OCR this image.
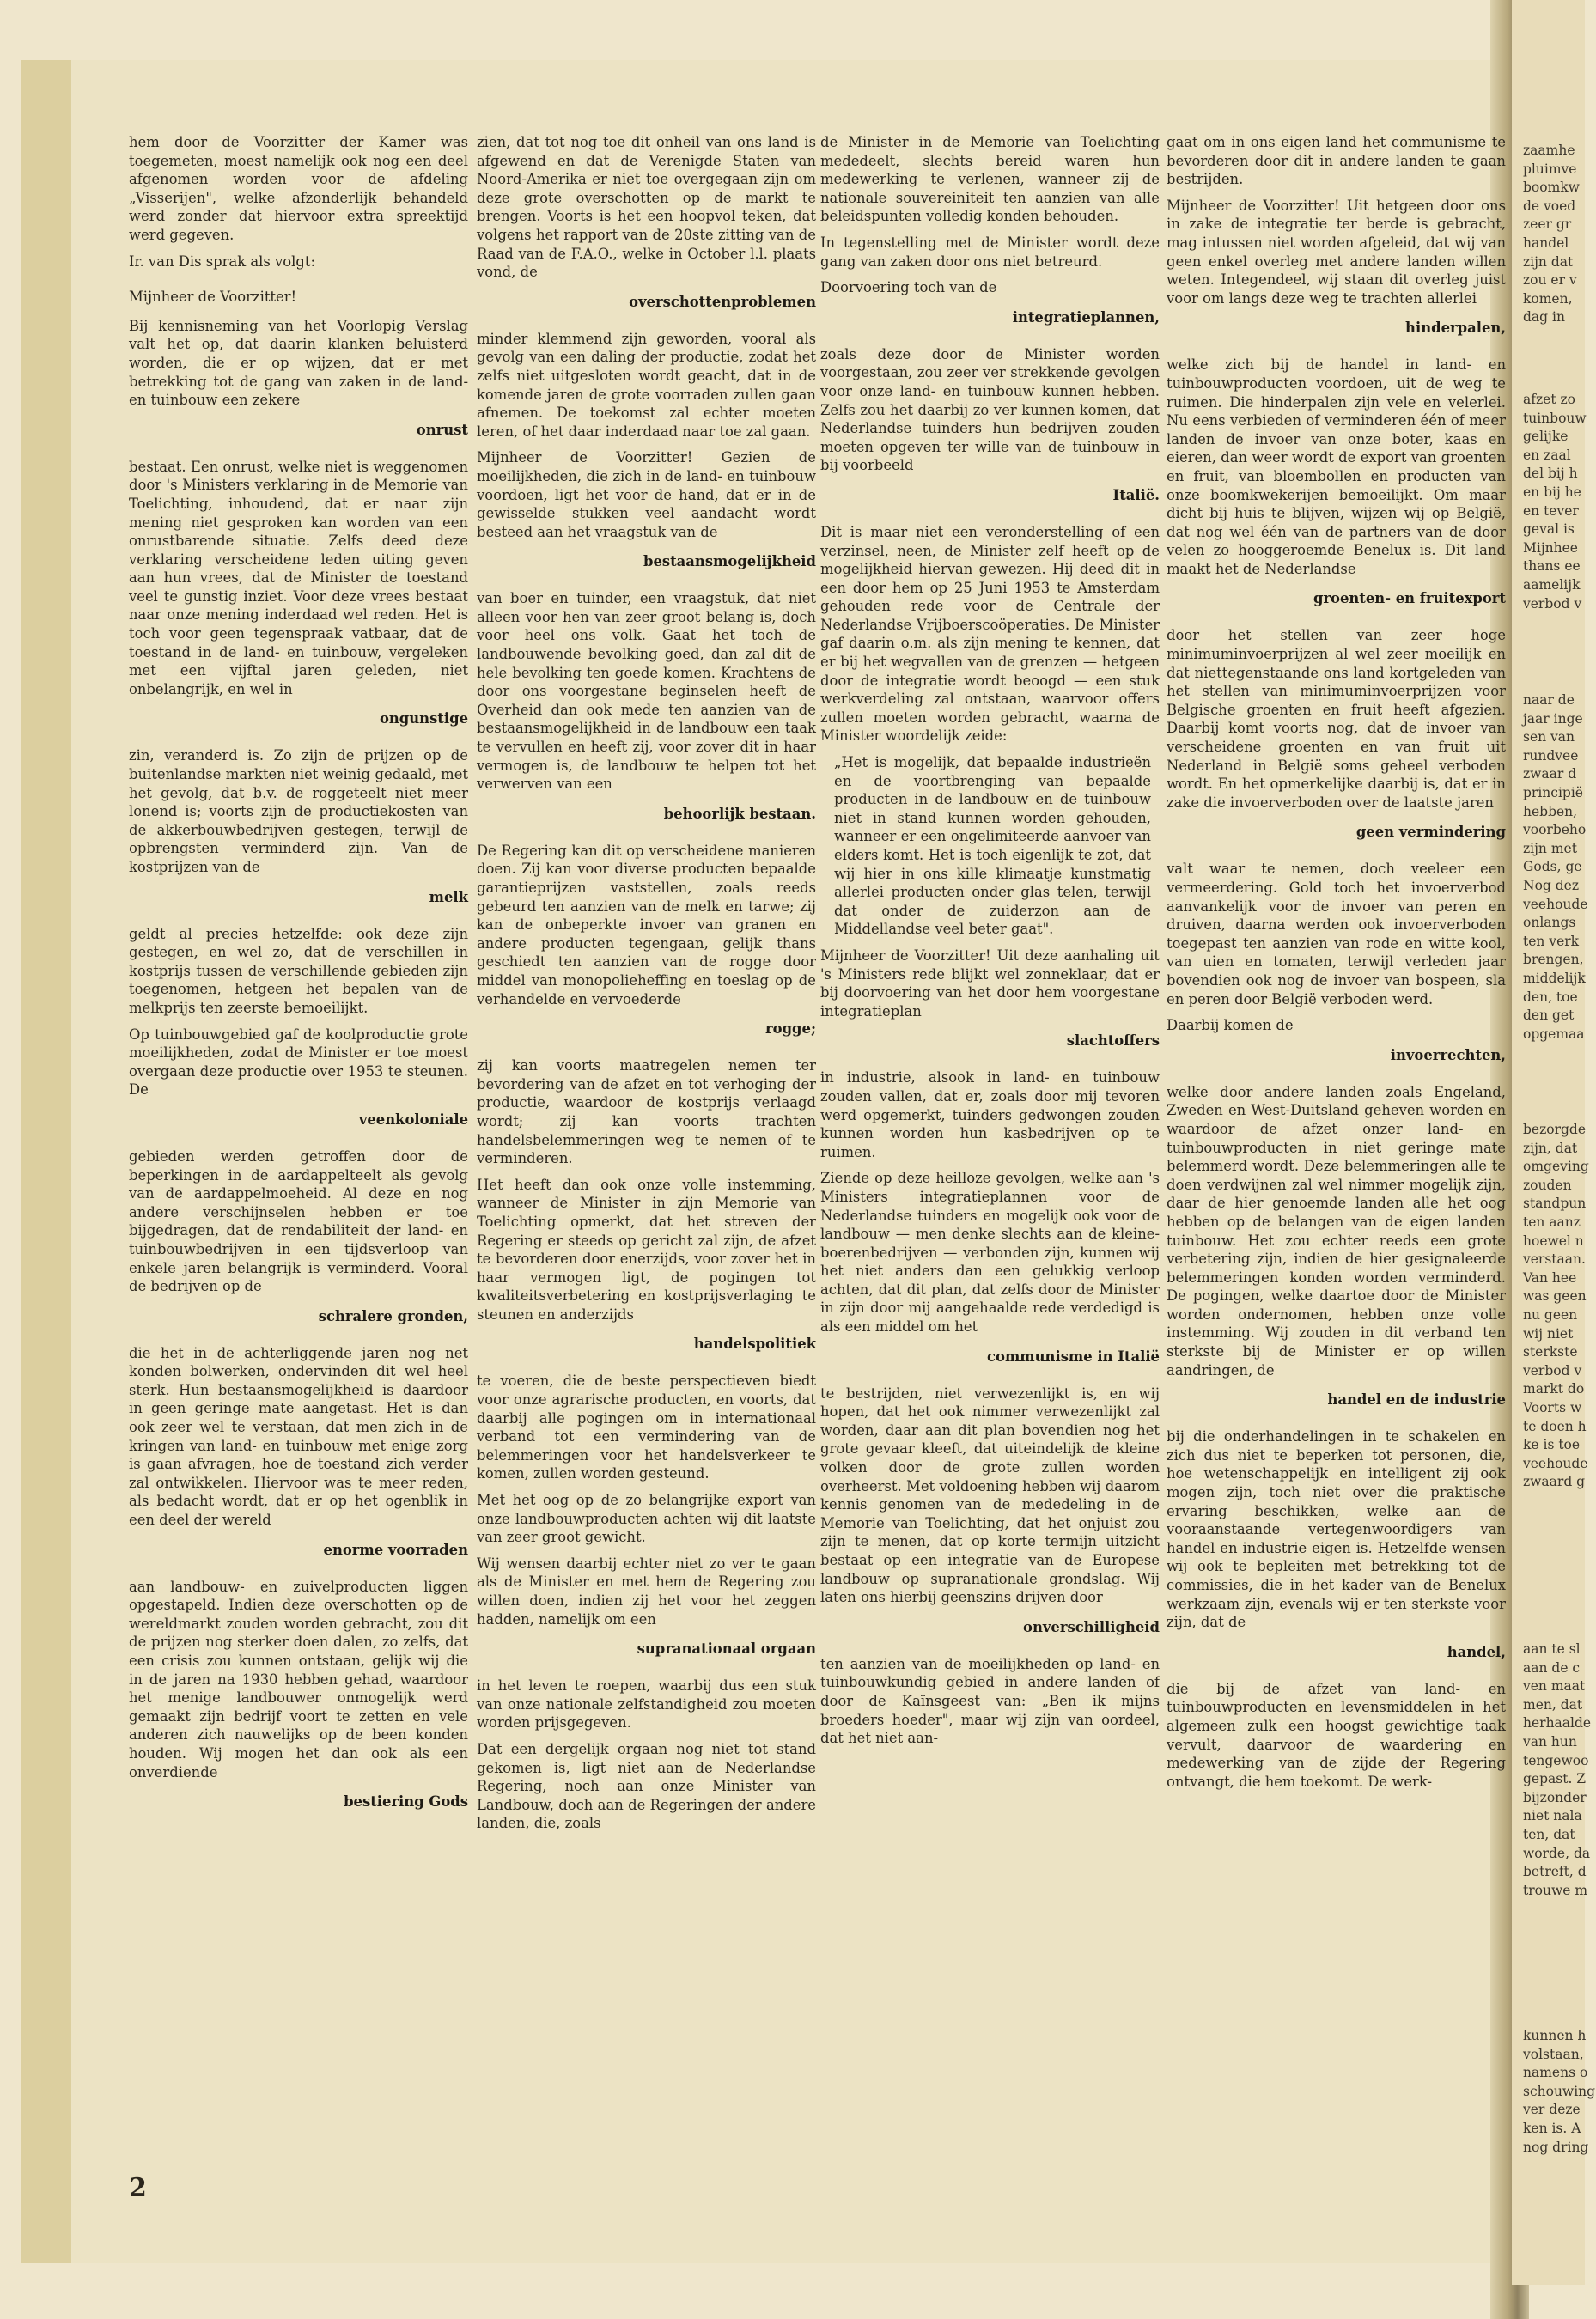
hem door de Voorzitter der Kamer was toegemeten, moest namelijk ook nog een deel afgenomen worden voor de afdeling „Visserijen", welke afzonderlijk behandeld werd zonder dat hiervoor extra spreektijd werd gegeven.

Ir. van Dis sprak als volgt:

Mijnheer de Voorzitter!

Bij kennisneming van het Voorlopig Verslag valt het op, dat daarin klanken beluisterd worden, die er op wijzen, dat er met betrekking tot de gang van zaken in de land- en tuinbouw een zekere

onrust

bestaat. Een onrust, welke niet is weggenomen door 's Ministers verklaring in de Memorie van Toelichting, inhoudend, dat er naar zijn mening niet gesproken kan worden van een onrustbarende situatie. Zelfs deed deze verklaring verscheidene leden uiting geven aan hun vrees, dat de Minister de toestand veel te gunstig inziet. Voor deze vrees bestaat naar onze mening inderdaad wel reden. Het is toch voor geen tegenspraak vatbaar, dat de toestand in de land- en tuinbouw, vergeleken met een vijftal jaren geleden, niet onbelangrijk, en wel in

ongunstige

zin, veranderd is. Zo zijn de prijzen op de buitenlandse markten niet weinig gedaald, met het gevolg, dat b.v. de roggeteelt niet meer lonend is; voorts zijn de productiekosten van de akkerbouwbedrijven gestegen, terwijl de opbrengsten verminderd zijn. Van de kostprijzen van de

melk

geldt al precies hetzelfde: ook deze zijn gestegen, en wel zo, dat de verschillen in kostprijs tussen de verschillende gebieden zijn toegenomen, hetgeen het bepalen van de melkprijs ten zeerste bemoeilijkt.

Op tuinbouwgebied gaf de koolproductie grote moeilijkheden, zodat de Minister er toe moest overgaan deze productie over 1953 te steunen. De

veenkoloniale

gebieden werden getroffen door de beperkingen in de aardappelteelt als gevolg van de aardappelmoeheid. Al deze en nog andere verschijnselen hebben er toe bijgedragen, dat de rendabiliteit der land- en tuinbouwbedrijven in een tijdsverloop van enkele jaren belangrijk is verminderd. Vooral de bedrijven op de

schralere gronden,

die het in de achterliggende jaren nog net konden bolwerken, ondervinden dit wel heel sterk. Hun bestaansmogelijkheid is daardoor in geen geringe mate aangetast. Het is dan ook zeer wel te verstaan, dat men zich in de kringen van land- en tuinbouw met enige zorg is gaan afvragen, hoe de toestand zich verder zal ontwikkelen. Hiervoor was te meer reden, als bedacht wordt, dat er op het ogenblik in een deel der wereld

enorme voorraden

aan landbouw- en zuivelproducten liggen opgestapeld. Indien deze overschotten op de wereldmarkt zouden worden gebracht, zou dit de prijzen nog sterker doen dalen, zo zelfs, dat een crisis zou kunnen ontstaan, gelijk wij die in de jaren na 1930 hebben gehad, waardoor het menige landbouwer onmogelijk werd gemaakt zijn bedrijf voort te zetten en vele anderen zich nauwelijks op de been konden houden. Wij mogen het dan ook als een onverdiende

bestiering Gods

zien, dat tot nog toe dit onheil van ons land is afgewend en dat de Verenigde Staten van Noord-Amerika er niet toe overgegaan zijn om deze grote overschotten op de markt te brengen. Voorts is het een hoopvol teken, dat volgens het rapport van de 20ste zitting van de Raad van de F.A.O., welke in October l.l. plaats vond, de

overschottenproblemen

minder klemmend zijn geworden, vooral als gevolg van een daling der productie, zodat het zelfs niet uitgesloten wordt geacht, dat in de komende jaren de grote voorraden zullen gaan afnemen. De toekomst zal echter moeten leren, of het daar inderdaad naar toe zal gaan.

Mijnheer de Voorzitter! Gezien de moeilijkheden, die zich in de land- en tuinbouw voordoen, ligt het voor de hand, dat er in de gewisselde stukken veel aandacht wordt besteed aan het vraagstuk van de

bestaansmogelijkheid

van boer en tuinder, een vraagstuk, dat niet alleen voor hen van zeer groot belang is, doch voor heel ons volk. Gaat het toch de landbouwende bevolking goed, dan zal dit de hele bevolking ten goede komen. Krachtens de door ons voorgestane beginselen heeft de Overheid dan ook mede ten aanzien van de bestaansmogelijkheid in de landbouw een taak te vervullen en heeft zij, voor zover dit in haar vermogen is, de landbouw te helpen tot het verwerven van een

behoorlijk bestaan.

De Regering kan dit op verscheidene manieren doen. Zij kan voor diverse producten bepaalde garantieprijzen vaststellen, zoals reeds gebeurd ten aanzien van de melk en tarwe; zij kan de onbeperkte invoer van granen en andere producten tegengaan, gelijk thans geschiedt ten aanzien van de rogge door middel van monopolieheffing en toeslag op de verhandelde en vervoederde

rogge;

zij kan voorts maatregelen nemen ter bevordering van de afzet en tot verhoging der productie, waardoor de kostprijs verlaagd wordt; zij kan voorts trachten handelsbelemmeringen weg te nemen of te verminderen.

Het heeft dan ook onze volle instemming, wanneer de Minister in zijn Memorie van Toelichting opmerkt, dat het streven der Regering er steeds op gericht zal zijn, de afzet te bevorderen door enerzijds, voor zover het in haar vermogen ligt, de pogingen tot kwaliteitsverbetering en kostprijsverlaging te steunen en anderzijds

handelspolitiek

te voeren, die de beste perspectieven biedt voor onze agrarische producten, en voorts, dat daarbij alle pogingen om in internationaal verband tot een vermindering van de belemmeringen voor het handelsverkeer te komen, zullen worden gesteund.

Met het oog op de zo belangrijke export van onze landbouwproducten achten wij dit laatste van zeer groot gewicht.

Wij wensen daarbij echter niet zo ver te gaan als de Minister en met hem de Regering zou willen doen, indien zij het voor het zeggen hadden, namelijk om een

supranationaal orgaan

in het leven te roepen, waarbij dus een stuk van onze nationale zelfstandigheid zou moeten worden prijsgegeven.

Dat een dergelijk orgaan nog niet tot stand gekomen is, ligt niet aan de Nederlandse Regering, noch aan onze Minister van Landbouw, doch aan de Regeringen der andere landen, die, zoals

de Minister in de Memorie van Toelichting mededeelt, slechts bereid waren hun medewerking te verlenen, wanneer zij de nationale souvereiniteit ten aanzien van alle beleidspunten volledig konden behouden.

In tegenstelling met de Minister wordt deze gang van zaken door ons niet betreurd.

Doorvoering toch van de

integratieplannen,

zoals deze door de Minister worden voorgestaan, zou zeer ver strekkende gevolgen voor onze land- en tuinbouw kunnen hebben. Zelfs zou het daarbij zo ver kunnen komen, dat Nederlandse tuinders hun bedrijven zouden moeten opgeven ter wille van de tuinbouw in bij voorbeeld

Italië.

Dit is maar niet een veronderstelling of een verzinsel, neen, de Minister zelf heeft op de mogelijkheid hiervan gewezen. Hij deed dit in een door hem op 25 Juni 1953 te Amsterdam gehouden rede voor de Centrale der Nederlandse Vrijboerscoöperaties. De Minister gaf daarin o.m. als zijn mening te kennen, dat er bij het wegvallen van de grenzen — hetgeen door de integratie wordt beoogd — een stuk werkverdeling zal ontstaan, waarvoor offers zullen moeten worden gebracht, waarna de Minister woordelijk zeide:

„Het is mogelijk, dat bepaalde industrieën en de voortbrenging van bepaalde producten in de landbouw en de tuinbouw niet in stand kunnen worden gehouden, wanneer er een ongelimiteerde aanvoer van elders komt. Het is toch eigenlijk te zot, dat wij hier in ons kille klimaatje kunstmatig allerlei producten onder glas telen, terwijl dat onder de zuiderzon aan de Middellandse veel beter gaat".

Mijnheer de Voorzitter! Uit deze aanhaling uit 's Ministers rede blijkt wel zonneklaar, dat er bij doorvoering van het door hem voorgestane integratieplan

slachtoffers

in industrie, alsook in land- en tuinbouw zouden vallen, dat er, zoals door mij tevoren werd opgemerkt, tuinders gedwongen zouden kunnen worden hun kasbedrijven op te ruimen.

Ziende op deze heilloze gevolgen, welke aan 's Ministers integratieplannen voor de Nederlandse tuinders en mogelijk ook voor de landbouw — men denke slechts aan de kleine-boerenbedrijven — verbonden zijn, kunnen wij het niet anders dan een gelukkig verloop achten, dat dit plan, dat zelfs door de Minister in zijn door mij aangehaalde rede verdedigd is als een middel om het

communisme in Italië

te bestrijden, niet verwezenlijkt is, en wij hopen, dat het ook nimmer verwezenlijkt zal worden, daar aan dit plan bovendien nog het grote gevaar kleeft, dat uiteindelijk de kleine volken door de grote zullen worden overheerst. Met voldoening hebben wij daarom kennis genomen van de mededeling in de Memorie van Toelichting, dat het onjuist zou zijn te menen, dat op korte termijn uitzicht bestaat op een integratie van de Europese landbouw op supranationale grondslag. Wij laten ons hierbij geenszins drijven door

onverschilligheid

ten aanzien van de moeilijkheden op land- en tuinbouwkundig gebied in andere landen of door de Kaïnsgeest van: „Ben ik mijns broeders hoeder", maar wij zijn van oordeel, dat het niet aan-

gaat om in ons eigen land het communisme te bevorderen door dit in andere landen te gaan bestrijden.

Mijnheer de Voorzitter! Uit hetgeen door ons in zake de integratie ter berde is gebracht, mag intussen niet worden afgeleid, dat wij van geen enkel overleg met andere landen willen weten. Integendeel, wij staan dit overleg juist voor om langs deze weg te trachten allerlei

hinderpalen,

welke zich bij de handel in land- en tuinbouwproducten voordoen, uit de weg te ruimen. Die hinderpalen zijn vele en velerlei. Nu eens verbieden of verminderen één of meer landen de invoer van onze boter, kaas en eieren, dan weer wordt de export van groenten en fruit, van bloembollen en producten van onze boomkwekerijen bemoeilijkt. Om maar dicht bij huis te blijven, wijzen wij op België, dat nog wel één van de partners van de door velen zo hooggeroemde Benelux is. Dit land maakt het de Nederlandse

groenten- en fruitexport

door het stellen van zeer hoge minimuminvoerprijzen al wel zeer moeilijk en dat niettegenstaande ons land kortgeleden van het stellen van minimuminvoerprijzen voor Belgische groenten en fruit heeft afgezien. Daarbij komt voorts nog, dat de invoer van verscheidene groenten en van fruit uit Nederland in België soms geheel verboden wordt. En het opmerkelijke daarbij is, dat er in zake die invoerverboden over de laatste jaren

geen vermindering

valt waar te nemen, doch veeleer een vermeerdering. Gold toch het invoerverbod aanvankelijk voor de invoer van peren en druiven, daarna werden ook invoerverboden toegepast ten aanzien van rode en witte kool, van uien en tomaten, terwijl verleden jaar bovendien ook nog de invoer van bospeen, sla en peren door België verboden werd.

Daarbij komen de

invoerrechten,

welke door andere landen zoals Engeland, Zweden en West-Duitsland geheven worden en waardoor de afzet onzer land- en tuinbouwproducten in niet geringe mate belemmerd wordt. Deze belemmeringen alle te doen verdwijnen zal wel nimmer mogelijk zijn, daar de hier genoemde landen alle het oog hebben op de belangen van de eigen landen tuinbouw. Het zou echter reeds een grote verbetering zijn, indien de hier gesignaleerde belemmeringen konden worden verminderd. De pogingen, welke daartoe door de Minister worden ondernomen, hebben onze volle instemming. Wij zouden in dit verband ten sterkste bij de Minister er op willen aandringen, de

handel en de industrie

bij die onderhandelingen in te schakelen en zich dus niet te beperken tot personen, die, hoe wetenschappelijk en intelligent zij ook mogen zijn, toch niet over die praktische ervaring beschikken, welke aan de vooraanstaande vertegenwoordigers van handel en industrie eigen is. Hetzelfde wensen wij ook te bepleiten met betrekking tot de commissies, die in het kader van de Benelux werkzaam zijn, evenals wij er ten sterkste voor zijn, dat de

handel,

die bij de afzet van land- en tuinbouwproducten en levensmiddelen in het algemeen zulk een hoogst gewichtige taak vervult, daarvoor de waardering en medewerking van de zijde der Regering ontvangt, die hem toekomt. De werk-

zaamhe
pluimve
boomkw
de voed
zeer gr
handel
zijn dat
zou er v
komen,
dag in
afzet zo
tuinbouw
gelijke
en zaal
del bij h
en bij he
en tever
geval is
Mijnhee
thans ee
aamelijk
verbod v
naar de
jaar inge
sen van
rundvee
zwaar d
principië
hebben,
voorbeho
zijn met
Gods, ge
Nog dez
veehoude
onlangs
ten verk
brengen,
middelijk
den, toe
den get
opgemaa
bezorgde
zijn, dat
omgeving
zouden
standpun
ten aanz
hoewel n
verstaan.
Van hee
was geen
nu geen
wij niet
sterkste
verbod v
markt do
Voorts w
te doen h
ke is toe
veehoude
zwaard g
aan te sl
aan de c
ven maat
men, dat
herhaalde
van hun
tengewoo
gepast. Z
bijzonder
niet nala
ten, dat
worde, da
betreft, d
trouwe m
kunnen h
volstaan,
namens o
schouwing
ver deze
ken is. A
nog dring
2
